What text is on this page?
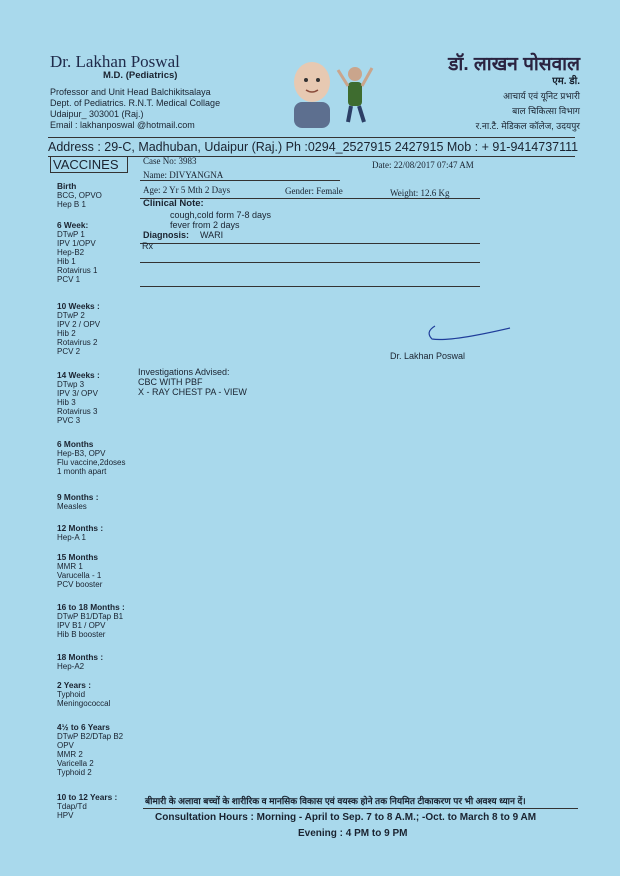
Dr. Lakhan Poswal
M.D. (Pediatrics)
Professor and Unit Head Balchikitsalaya
Dept. of Pediatrics. R.N.T. Medical Collage
Udaipur_ 303001 (Raj.)
Email : lakhanposwal @hotmail.com
डॉ. लाखन पोसवाल
एम. डी.
आचार्य एवं यूनिट प्रभारी
बाल चिकित्सा विभाग
र.ना.टै. मेडिकल कॉलेज, उदयपुर
Address : 29-C, Madhuban, Udaipur (Raj.) Ph :0294_2527915 2427915 Mob : + 91-9414737111
VACCINES
Birth
BCG, OPVO
Hep B 1
6 Week:
DTwP 1
IPV 1/OPV
Hep-B2
Hib 1
Rotavirus 1
PCV 1
10 Weeks :
DTwP 2
IPV 2 / OPV
Hib 2
Rotavirus 2
PCV 2
14 Weeks :
DTwp 3
IPV 3/ OPV
Hib 3
Rotavirus 3
PVC 3
6 Months
Hep-B3, OPV
Flu vaccine,2doses
1 month apart
9 Months :
Measles
12 Months :
Hep-A 1
15 Months
MMR 1
Varucella - 1
PCV booster
16 to 18 Months :
DTwP B1/DTap B1
IPV B1 / OPV
Hib B booster
18 Months :
Hep-A2
2 Years :
Typhoid
Meningococcal
4½ to 6 Years
DTwP B2/DTap B2
OPV
MMR 2
Varicella 2
Typhoid 2
10 to 12 Years :
Tdap/Td
HPV
Case No: 3983	Date: 22/08/2017 07:47 AM
Name: DIVYANGNA
Age: 2 Yr 5 Mth 2 Days	Gender: Female	Weight: 12.6 Kg
Clinical Note:
cough,cold form 7-8 days
fever from 2 days
Diagnosis: WARI
Rx
Dr. Lakhan Poswal
Investigations Advised:
CBC WITH PBF
X - RAY CHEST PA - VIEW
बीमारी के अलावा बच्चों के शारीरिक व मानसिक विकास एवं वयस्क होने तक नियमित टीकाकरण पर भी अवश्य ध्यान दें।
Consultation Hours : Morning - April to Sep. 7 to 8 A.M.; -Oct. to March 8 to 9 AM
Evening : 4 PM to 9 PM
